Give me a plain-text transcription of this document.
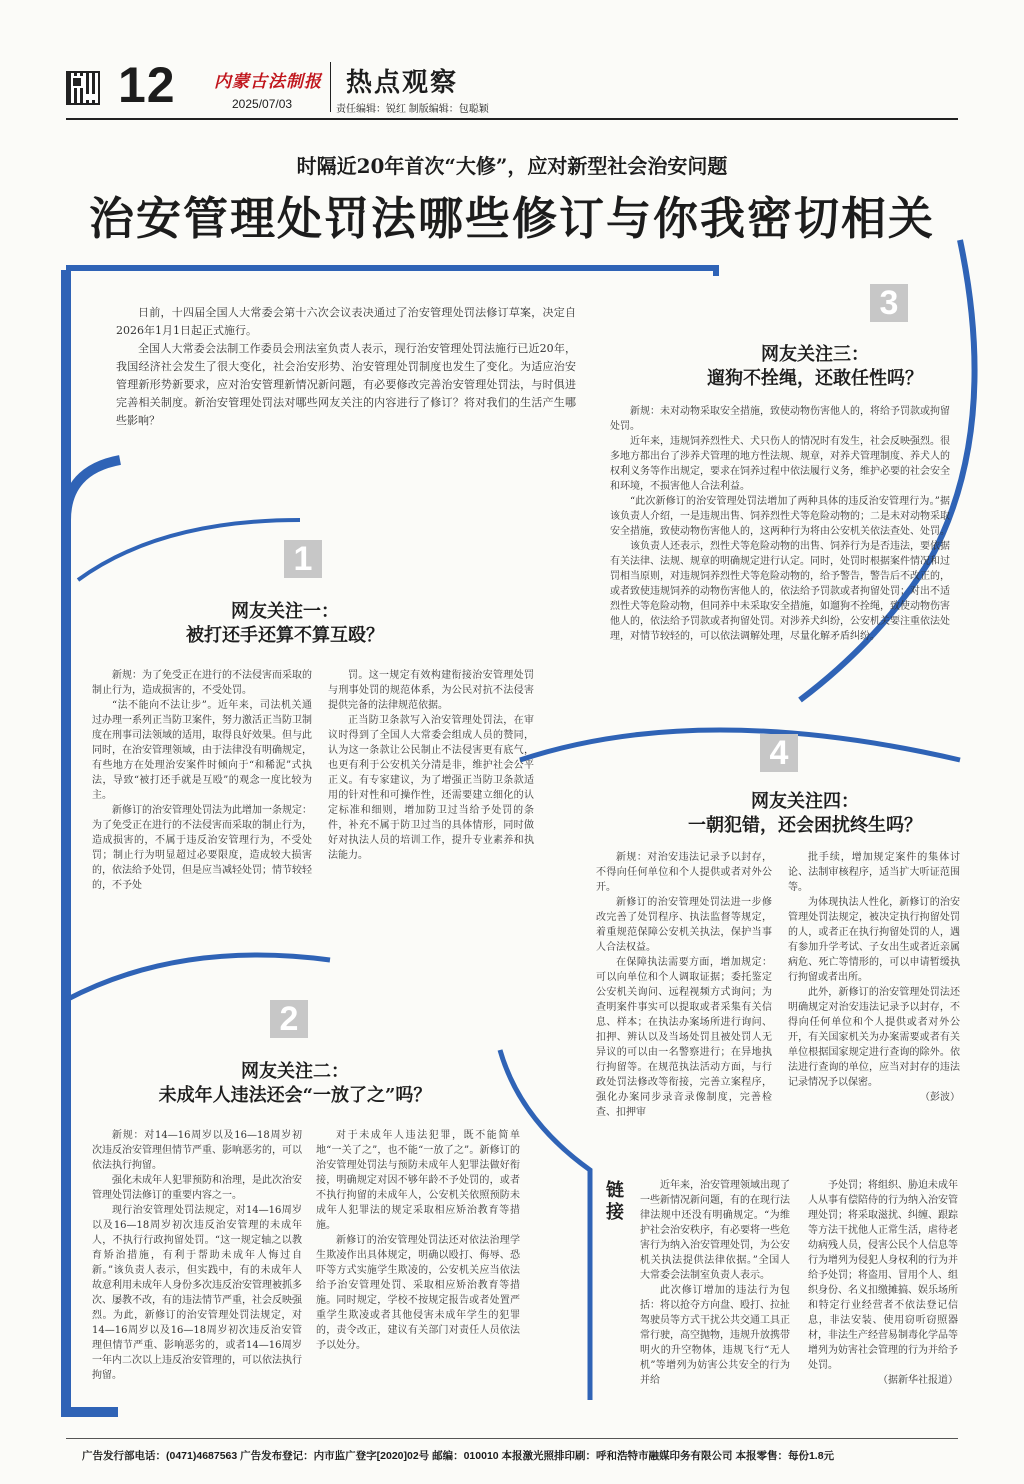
12 内蒙古法制报
2025/07/03
热点观察
责任编辑：锐红 制版编辑：包聪颖
时隔近20年首次“大修”，应对新型社会治安问题
治安管理处罚法哪些修订与你我密切相关

日前，十四届全国人大常委会第十六次会议表决通过了治安管理处罚法修订草案，决定自2026年1月1日起正式施行。

全国人大常委会法制工作委员会刑法室负责人表示，现行治安管理处罚法施行已近20年，我国经济社会发生了很大变化，社会治安形势、治安管理处罚制度也发生了变化。为适应治安管理新形势新要求，应对治安管理新情况新问题，有必要修改完善治安管理处罚法，与时俱进完善相关制度。新治安管理处罚法对哪些网友关注的内容进行了修订？将对我们的生活产生哪些影响？

3
网友关注三：
遛狗不拴绳，还敢任性吗？

新规：未对动物采取安全措施，致使动物伤害他人的，将给予罚款或拘留处罚。

近年来，违规饲养烈性犬、犬只伤人的情况时有发生，社会反映强烈。很多地方都出台了涉养犬管理的地方性法规、规章，对养犬管理制度、养犬人的权利义务等作出规定，要求在饲养过程中依法履行义务，维护必要的社会安全和环境，不损害他人合法利益。

“此次新修订的治安管理处罚法增加了两种具体的违反治安管理行为。”据该负责人介绍，一是违规出售、饲养烈性犬等危险动物的；二是未对动物采取安全措施，致使动物伤害他人的，这两种行为将由公安机关依法查处、处罚。

该负责人还表示，烈性犬等危险动物的出售、饲养行为是否违法，要依据有关法律、法规、规章的明确规定进行认定。同时，处罚时根据案件情况和过罚相当原则，对违规饲养烈性犬等危险动物的，给予警告，警告后不改正的，或者致使违规饲养的动物伤害他人的，依法给予罚款或者拘留处罚；对出不适烈性犬等危险动物，但同养中未采取安全措施，如遛狗不拴绳，致使动物伤害他人的，依法给予罚款或者拘留处罚。对涉养犬纠纷，公安机关要注重依法处理，对情节较轻的，可以依法调解处理，尽量化解矛盾纠纷。

1
网友关注一：
被打还手还算不算互殴？

新规：为了免受正在进行的不法侵害而采取的制止行为，造成损害的，不受处罚。

“法不能向不法让步”。近年来，司法机关通过办理一系列正当防卫案件，努力激活正当防卫制度在刑事司法领域的适用，取得良好效果。但与此同时，在治安管理领域，由于法律没有明确规定，有些地方在处理治安案件时倾向于“和稀泥”式执法，导致“被打还手就是互殴”的观念一度比较为主。

新修订的治安管理处罚法为此增加一条规定：为了免受正在进行的不法侵害而采取的制止行为，造成损害的，不属于违反治安管理行为，不受处罚；制止行为明显超过必要限度，造成较大损害的，依法给予处罚，但是应当减轻处罚；情节较轻的，不予处

罚。这一规定有效构建衔接治安管理处罚与刑事处罚的规范体系，为公民对抗不法侵害提供完备的法律规范依据。

正当防卫条款写入治安管理处罚法，在审议时得到了全国人大常委会组成人员的赞同，认为这一条款让公民制止不法侵害更有底气，也更有利于公安机关分清是非，维护社会公平正义。有专家建议，为了增强正当防卫条款适用的针对性和可操作性，还需要建立细化的认定标准和细则，增加防卫过当给予处罚的条件，补充不属于防卫过当的具体情形，同时做好对执法人员的培训工作，提升专业素养和执法能力。

4
网友关注四：
一朝犯错，还会困扰终生吗？

新规：对治安违法记录予以封存，不得向任何单位和个人提供或者对外公开。

新修订的治安管理处罚法进一步修改完善了处罚程序、执法监督等规定，着重规范保障公安机关执法，保护当事人合法权益。

在保障执法需要方面，增加规定：可以向单位和个人调取证据；委托鉴定公安机关询问、远程视频方式询问；为查明案件事实可以提取或者采集有关信息、样本；在执法办案场所进行询问、扣押、辨认以及当场处罚且被处罚人无异议的可以由一名警察进行；在异地执行拘留等。在规范执法活动方面，与行政处罚法修改等衔接，完善立案程序，强化办案同步录音录像制度，完善检查、扣押审

批手续，增加规定案件的集体讨论、法制审核程序，适当扩大听证范围等。

为体现执法人性化，新修订的治安管理处罚法规定，被决定执行拘留处罚的人，或者正在执行拘留处罚的人，遇有参加升学考试、子女出生或者近亲属病危、死亡等情形的，可以申请暂缓执行拘留或者出所。

此外，新修订的治安管理处罚法还明确规定对治安违法记录予以封存，不得向任何单位和个人提供或者对外公开，有关国家机关为办案需要或者有关单位根据国家规定进行查询的除外。依法进行查询的单位，应当对封存的违法记录情况予以保密。

（彭波）
2
网友关注二：
未成年人违法还会“一放了之”吗？

新规：对14—16周岁以及16—18周岁初次违反治安管理但情节严重、影响恶劣的，可以依法执行拘留。

强化未成年人犯罪预防和治理，是此次治安管理处罚法修订的重要内容之一。

现行治安管理处罚法规定，对14—16周岁以及16—18周岁初次违反治安管理的未成年人，不执行行政拘留处罚。“这一规定轴之以教育矫治措施，有利于帮助未成年人悔过自新。”该负责人表示，但实践中，有的未成年人故意利用未成年人身份多次违反治安管理被抓多次、屡教不改，有的违法情节严重，社会反映强烈。为此，新修订的治安管理处罚法规定，对14—16周岁以及16—18周岁初次违反治安管理但情节严重、影响恶劣的，或者14—16周岁一年内二次以上违反治安管理的，可以依法执行拘留。

对于未成年人违法犯罪，既不能简单地“一关了之”，也不能“一放了之”。新修订的治安管理处罚法与预防未成年人犯罪法做好衔接，明确规定对因不够年龄不予处罚的，或者不执行拘留的未成年人，公安机关依照预防未成年人犯罪法的规定采取相应矫治教育等措施。

新修订的治安管理处罚法还对依法治理学生欺凌作出具体规定，明确以殴打、侮辱、恐吓等方式实施学生欺凌的，公安机关应当依法给予治安管理处罚、采取相应矫治教育等措施。同时规定，学校不按规定报告或者处置严重学生欺凌或者其他侵害未成年学生的犯罪的，责令改正，建议有关部门对责任人员依法予以处分。

链接

近年来，治安管理领域出现了一些新情况新问题，有的在现行法律法规中还没有明确规定。“为维护社会治安秩序，有必要将一些危害行为纳入治安管理处罚，为公安机关执法提供法律依据。”全国人大常委会法制室负责人表示。

此次修订增加的违法行为包括：将以抢夺方向盘、殴打、拉扯驾驶员等方式干扰公共交通工具正常行驶，高空抛物，违规升放携带明火的升空物体，违规飞行“无人机”等增列为妨害公共安全的行为并给

予处罚；将组织、胁迫未成年人从事有偿陪侍的行为纳入治安管理处罚；将采取滋扰、纠缠、跟踪等方法干扰他人正常生活，虐待老幼病残人员，侵害公民个人信息等行为增列为侵犯人身权利的行为并给予处罚；将盗用、冒用个人、组织身份、名义扣缴摊搞、娱乐场所和特定行业经营者不依法登记信息，非法安装、使用窃听窃照器材，非法生产经营易制毒化学品等增列为妨害社会管理的行为并给予处罚。

（据新华社报道）
广告发行部电话：(0471)4687563 广告发布登记：内市监广登字[2020]02号 邮编：010010 本报激光照排印刷：呼和浩特市融媒印务有限公司 本报零售：每份1.8元
